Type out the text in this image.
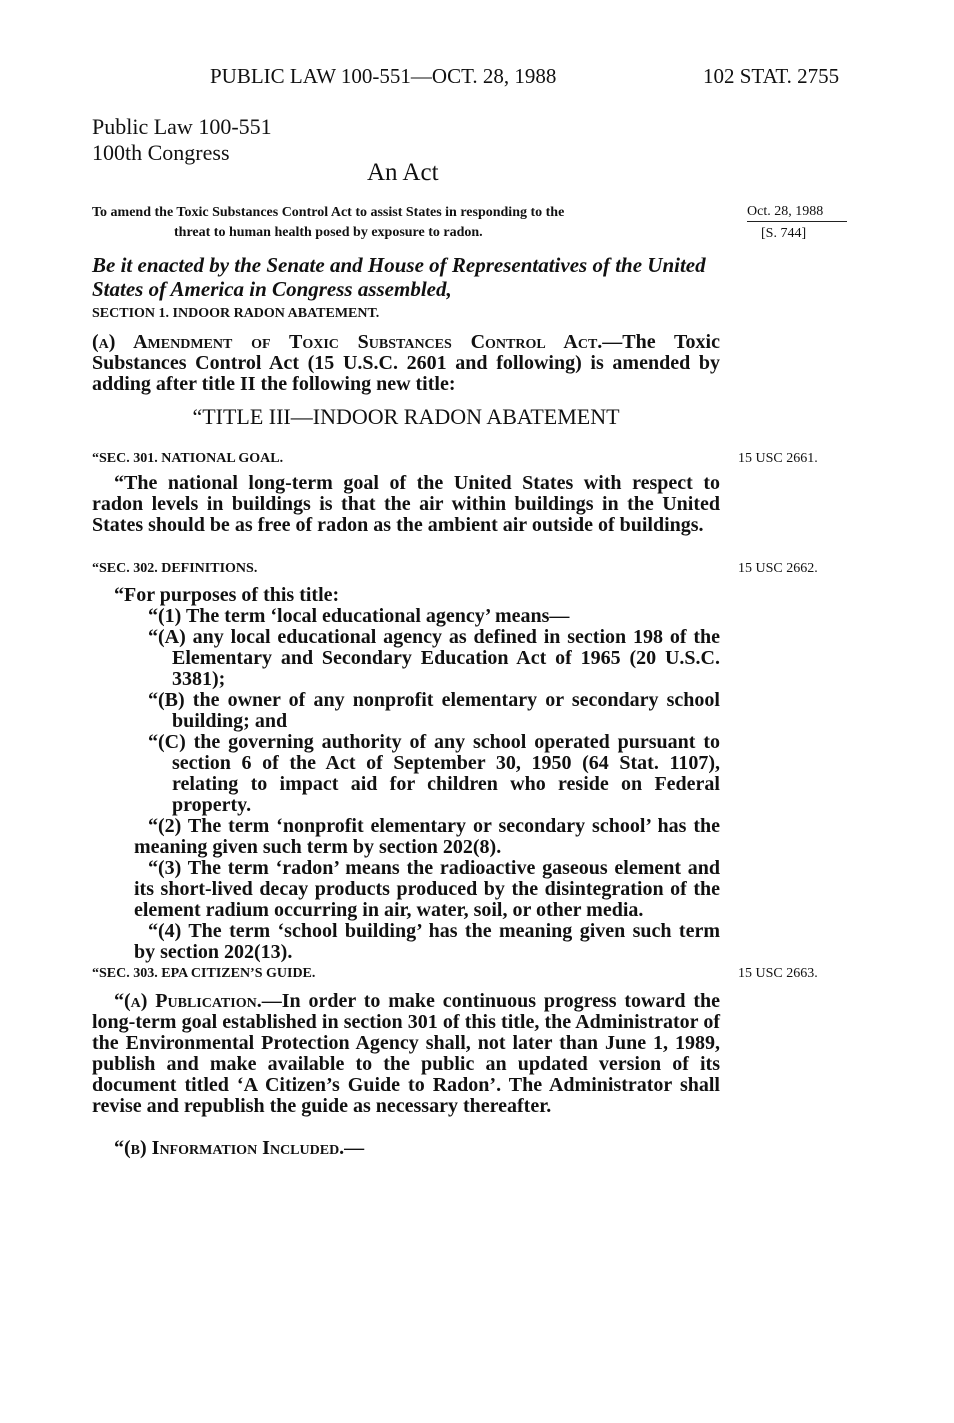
PUBLIC LAW 100-551—OCT. 28, 1988	102 STAT. 2755
Public Law 100-551
100th Congress
An Act
To amend the Toxic Substances Control Act to assist States in responding to the
threat to human health posed by exposure to radon.
Oct. 28, 1988
[S. 744]
Be it enacted by the Senate and House of Representatives of the United States of America in Congress assembled,
SECTION 1. INDOOR RADON ABATEMENT.
(a) Amendment of Toxic Substances Control Act.—The Toxic Substances Control Act (15 U.S.C. 2601 and following) is amended by adding after title II the following new title:
“TITLE III—INDOOR RADON ABATEMENT
“SEC. 301. NATIONAL GOAL.	15 USC 2661.
“The national long-term goal of the United States with respect to radon levels in buildings is that the air within buildings in the United States should be as free of radon as the ambient air outside of buildings.
“SEC. 302. DEFINITIONS.	15 USC 2662.
“For purposes of this title:
“(1) The term ‘local educational agency’ means—
“(A) any local educational agency as defined in section 198 of the Elementary and Secondary Education Act of 1965 (20 U.S.C. 3381);
“(B) the owner of any nonprofit elementary or secondary school building; and
“(C) the governing authority of any school operated pursuant to section 6 of the Act of September 30, 1950 (64 Stat. 1107), relating to impact aid for children who reside on Federal property.
“(2) The term ‘nonprofit elementary or secondary school’ has the meaning given such term by section 202(8).
“(3) The term ‘radon’ means the radioactive gaseous element and its short-lived decay products produced by the disintegration of the element radium occurring in air, water, soil, or other media.
“(4) The term ‘school building’ has the meaning given such term by section 202(13).
“SEC. 303. EPA CITIZEN’S GUIDE.	15 USC 2663.
“(a) Publication.—In order to make continuous progress toward the long-term goal established in section 301 of this title, the Administrator of the Environmental Protection Agency shall, not later than June 1, 1989, publish and make available to the public an updated version of its document titled ‘A Citizen’s Guide to Radon’. The Administrator shall revise and republish the guide as necessary thereafter.
“(b) Information Included.—
